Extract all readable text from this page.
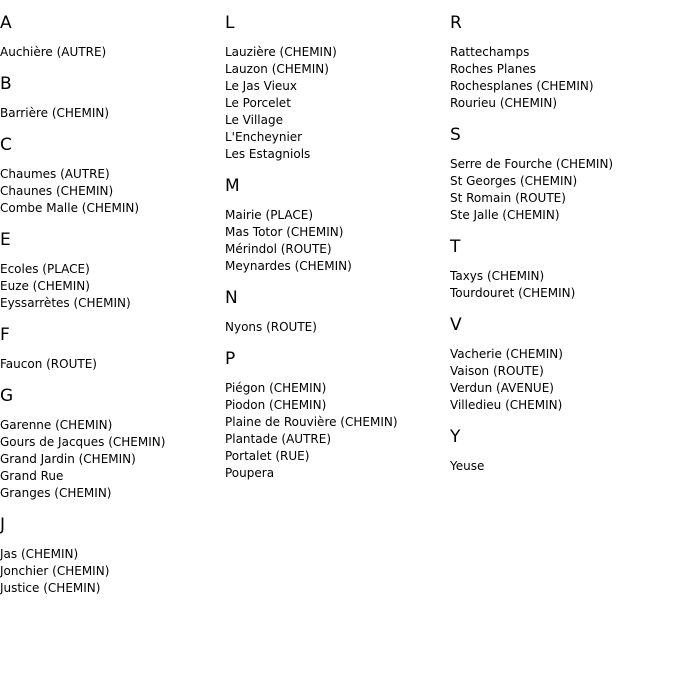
A
Auchière (AUTRE)
B
Barrière (CHEMIN)
C
Chaumes (AUTRE)
Chaunes (CHEMIN)
Combe Malle (CHEMIN)
E
Ecoles (PLACE)
Euze (CHEMIN)
Eyssarrètes (CHEMIN)
F
Faucon (ROUTE)
G
Garenne (CHEMIN)
Gours de Jacques (CHEMIN)
Grand Jardin (CHEMIN)
Grand Rue
Granges (CHEMIN)
J
Jas (CHEMIN)
Jonchier (CHEMIN)
Justice (CHEMIN)
L
Lauzière (CHEMIN)
Lauzon (CHEMIN)
Le Jas Vieux
Le Porcelet
Le Village
L'Encheynier
Les Estagniols
M
Mairie (PLACE)
Mas Totor (CHEMIN)
Mérindol (ROUTE)
Meynardes (CHEMIN)
N
Nyons (ROUTE)
P
Piégon (CHEMIN)
Piodon (CHEMIN)
Plaine de Rouvière (CHEMIN)
Plantade (AUTRE)
Portalet (RUE)
Poupera
R
Rattechamps
Roches Planes
Rochesplanes (CHEMIN)
Rourieu (CHEMIN)
S
Serre de Fourche (CHEMIN)
St Georges (CHEMIN)
St Romain (ROUTE)
Ste Jalle (CHEMIN)
T
Taxys (CHEMIN)
Tourdouret (CHEMIN)
V
Vacherie (CHEMIN)
Vaison (ROUTE)
Verdun (AVENUE)
Villedieu (CHEMIN)
Y
Yeuse
